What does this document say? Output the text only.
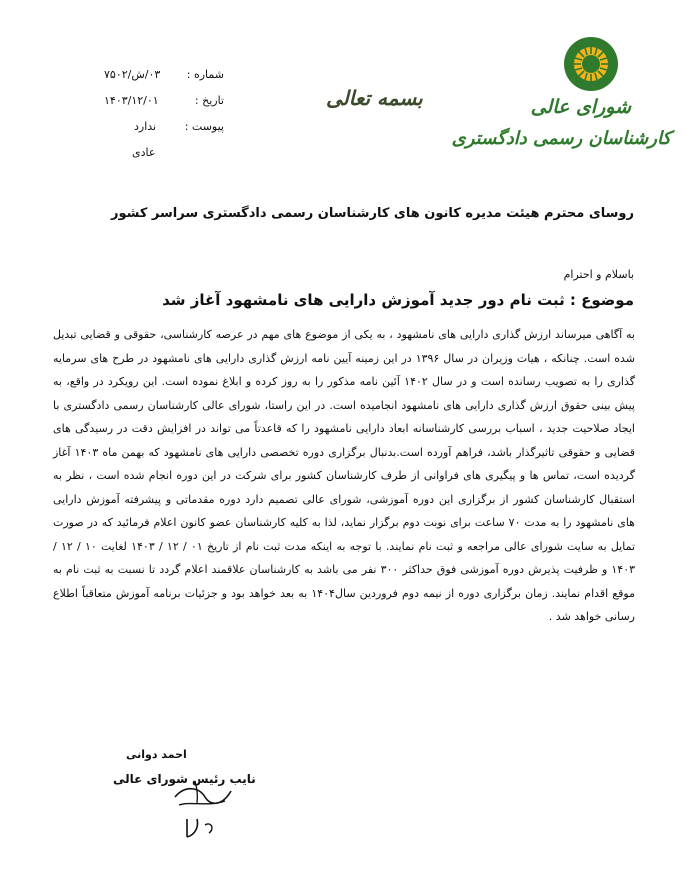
شورای عالی
کارشناسان رسمی دادگستری
بسمه تعالی
شماره :
۰۳/ش/۷۵۰۲
تاریخ :
۱۴۰۳/۱۲/۰۱
پیوست :
ندارد
عادی
روسای محترم هیئت مدیره کانون های کارشناسان رسمی دادگستری سراسر کشور
باسلام و احترام
موضوع : ثبت نام دور جدید آموزش دارایی های نامشهود آغاز شد
به آگاهی میرساند ارزش گذاری دارایی های نامشهود ، به یکی از موضوع های مهم در عرصه کارشناسی، حقوقی و قضایی تبدیل شده است. چنانکه ، هیات وزیران در سال ۱۳۹۶ در این زمینه آیین نامه ارزش گذاری دارایی های نامشهود در طرح های سرمایه گذاری را به تصویب رسانده است و در سال ۱۴۰۲ آئین نامه مذکور را به روز کرده و ابلاغ نموده است. این رویکرد در واقع، به پیش بینی حقوق ارزش گذاری دارایی های نامشهود انجامیده است. در این راستا، شورای عالی کارشناسان رسمی دادگستری با ایجاد صلاحیت جدید ، اسباب بررسی کارشناسانه ابعاد دارایی نامشهود را که قاعدتاً می تواند در افزایش دقت در رسیدگی های قضایی و حقوقی تاثیرگذار باشد، فراهم آورده است.بدنبال برگزاری دوره تخصصی دارایی های نامشهود که بهمن ماه ۱۴۰۳ آغاز گردیده است، تماس ها و پیگیری های فراوانی از طرف کارشناسان کشور برای شرکت در این دوره انجام شده است ، نظر به استقبال کارشناسان کشور از برگزاری این دوره آموزشی، شورای عالی تصمیم دارد دوره مقدماتی و پیشرفته آموزش دارایی های نامشهود را به مدت ۷۰ ساعت برای نوبت دوم برگزار نماید، لذا به کلیه کارشناسان عضو کانون اعلام فرمائید که در صورت تمایل به سایت شورای عالی مراجعه و ثبت نام نمایند. با توجه به اینکه مدت ثبت نام از تاریخ ۰۱ / ۱۲ / ۱۴۰۳ لغایت ۱۰ / ۱۲ / ۱۴۰۳ و ظرفیت پذیرش دوره آموزشی فوق حداکثر ۳۰۰ نفر می باشد به کارشناسان علاقمند اعلام گردد تا نسبت به ثبت نام به موقع اقدام نمایند. زمان برگزاری دوره از نیمه دوم فروردین سال۱۴۰۴ به بعد خواهد بود و جزئیات برنامه آموزش متعاقباً اطلاع رسانی خواهد شد .
احمد دوانی
نایب رئیس شورای عالی
